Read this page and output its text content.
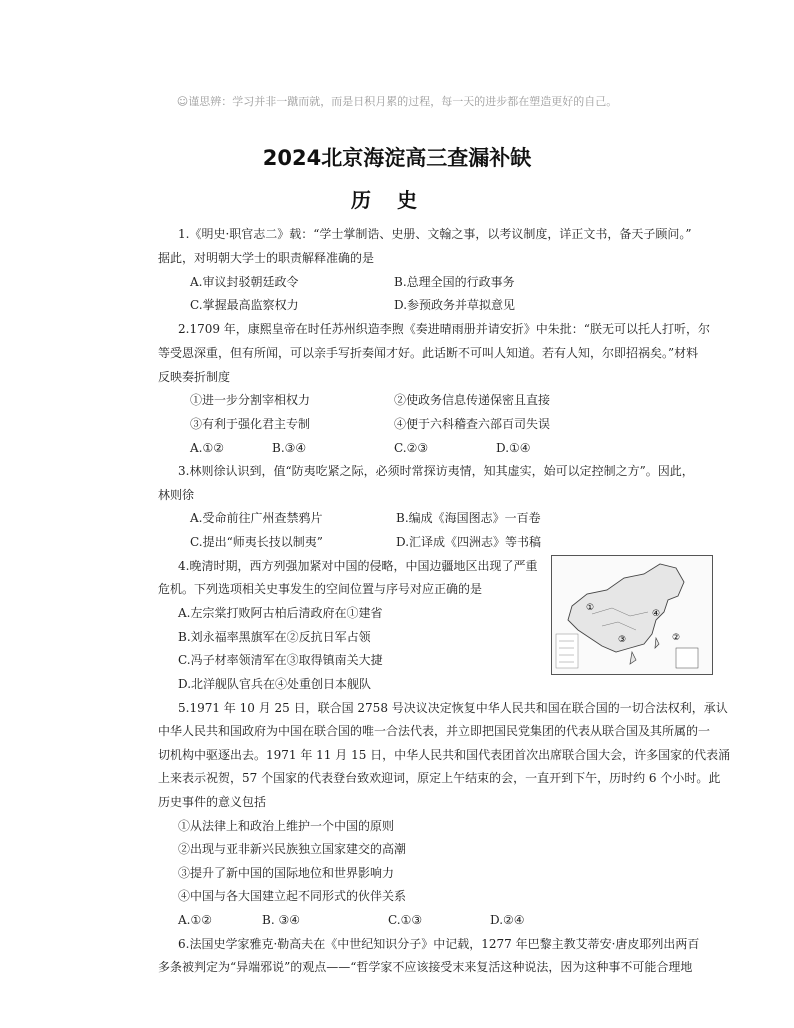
☺谨思辨：学习并非一蹴而就，而是日积月累的过程，每一天的进步都在塑造更好的自己。
2024北京海淀高三查漏补缺
历史
1.《明史·职官志二》载：“学士掌制诰、史册、文翰之事，以考议制度，详正文书，备天子顾问。”
据此，对明朝大学士的职责解释准确的是
A.审议封驳朝廷政令	B.总理全国的行政事务
C.掌握最高监察权力	D.参预政务并草拟意见
2.1709 年，康熙皇帝在时任苏州织造李煦《奏进晴雨册并请安折》中朱批：“朕无可以托人打听，尔
等受恩深重，但有所闻，可以亲手写折奏闻才好。此话断不可叫人知道。若有人知，尔即招祸矣。”材料
反映奏折制度
①进一步分割宰相权力	②使政务信息传递保密且直接
③有利于强化君主专制	④便于六科稽查六部百司失误
A.①②	B.③④	C.②③	D.①④
3.林则徐认识到，值“防夷吃紧之际，必须时常探访夷情，知其虚实，始可以定控制之方”。因此，
林则徐
A.受命前往广州查禁鸦片	B.编成《海国图志》一百卷
C.提出“师夷长技以制夷”	D.汇译成《四洲志》等书稿
4.晚清时期，西方列强加紧对中国的侵略，中国边疆地区出现了严重
危机。下列选项相关史事发生的空间位置与序号对应正确的是
A.左宗棠打败阿古柏后清政府在①建省
B.刘永福率黑旗军在②反抗日军占领
C.冯子材率领清军在③取得镇南关大捷
D.北洋舰队官兵在④处重创日本舰队
①
②
③
④
5.1971 年 10 月 25 日，联合国 2758 号决议决定恢复中华人民共和国在联合国的一切合法权利，承认
中华人民共和国政府为中国在联合国的唯一合法代表，并立即把国民党集团的代表从联合国及其所属的一
切机构中驱逐出去。1971 年 11 月 15 日，中华人民共和国代表团首次出席联合国大会，许多国家的代表涌
上来表示祝贺，57 个国家的代表登台致欢迎词，原定上午结束的会，一直开到下午，历时约 6 个小时。此
历史事件的意义包括
①从法律上和政治上维护一个中国的原则
②出现与亚非新兴民族独立国家建交的高潮
③提升了新中国的国际地位和世界影响力
④中国与各大国建立起不同形式的伙伴关系
A.①②	B. ③④	C.①③	D.②④
6.法国史学家雅克·勒高夫在《中世纪知识分子》中记载，1277 年巴黎主教艾蒂安·唐皮耶列出两百
多条被判定为“异端邪说”的观点——“哲学家不应该接受末来复活这种说法，因为这种事不可能合理地
